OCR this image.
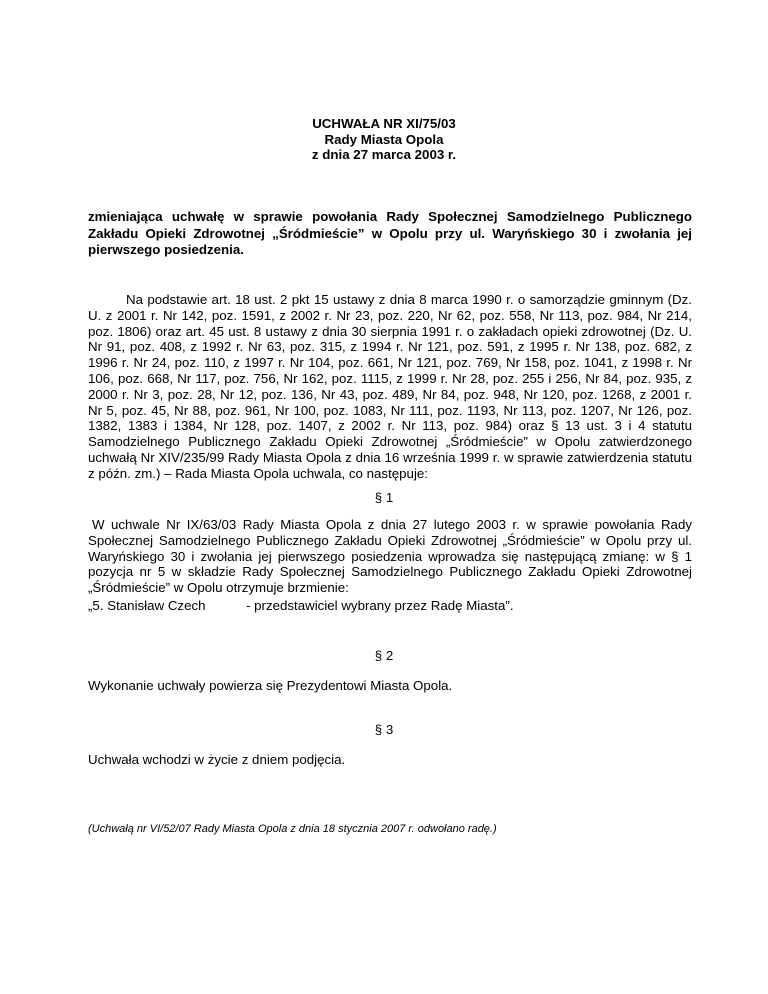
UCHWAŁA NR XI/75/03
Rady Miasta Opola
z dnia 27 marca 2003 r.
zmieniająca uchwałę w sprawie powołania Rady Społecznej Samodzielnego Publicznego Zakładu Opieki Zdrowotnej „Śródmieście” w Opolu przy ul. Waryńskiego 30 i zwołania jej pierwszego posiedzenia.
Na podstawie art. 18 ust. 2 pkt 15 ustawy z dnia 8 marca 1990 r. o samorządzie gminnym (Dz. U. z 2001 r. Nr 142, poz. 1591, z 2002 r. Nr 23, poz. 220, Nr 62, poz. 558, Nr 113, poz. 984, Nr 214, poz. 1806) oraz art. 45 ust. 8 ustawy z dnia 30 sierpnia 1991 r. o zakładach opieki zdrowotnej (Dz. U. Nr 91, poz. 408, z 1992 r. Nr 63, poz. 315, z 1994 r. Nr 121, poz. 591, z 1995 r. Nr 138, poz. 682, z 1996 r. Nr 24, poz. 110, z 1997 r. Nr 104, poz. 661, Nr 121, poz. 769, Nr 158, poz. 1041, z 1998 r. Nr 106, poz. 668, Nr 117, poz. 756, Nr 162, poz. 1115, z 1999 r. Nr 28, poz. 255 i 256, Nr 84, poz. 935, z 2000 r. Nr 3, poz. 28, Nr 12, poz. 136, Nr 43, poz. 489, Nr 84, poz. 948, Nr 120, poz. 1268, z 2001 r. Nr 5, poz. 45, Nr 88, poz. 961, Nr 100, poz. 1083, Nr 111, poz. 1193, Nr 113, poz. 1207, Nr 126, poz. 1382, 1383 i 1384, Nr 128, poz. 1407, z 2002 r. Nr 113, poz. 984) oraz § 13 ust. 3 i 4 statutu Samodzielnego Publicznego Zakładu Opieki Zdrowotnej „Śródmieście” w Opolu zatwierdzonego uchwałą Nr XIV/235/99 Rady Miasta Opola z dnia 16 września 1999 r. w sprawie zatwierdzenia statutu z późn. zm.) – Rada Miasta Opola uchwala, co następuje:
§ 1
W uchwale Nr IX/63/03 Rady Miasta Opola z dnia 27 lutego 2003 r. w sprawie powołania Rady Społecznej Samodzielnego Publicznego Zakładu Opieki Zdrowotnej „Śródmieście” w Opolu przy ul. Waryńskiego 30 i zwołania jej pierwszego posiedzenia wprowadza się następującą zmianę: w § 1 pozycja nr 5 w składzie Rady Społecznej Samodzielnego Publicznego Zakładu Opieki Zdrowotnej „Śródmieście” w Opolu otrzymuje brzmienie:
„5. Stanisław Czech	- przedstawiciel wybrany przez Radę Miasta”.
§ 2
Wykonanie uchwały powierza się Prezydentowi Miasta Opola.
§ 3
Uchwała wchodzi w życie z dniem podjęcia.
(Uchwałą nr VI/52/07 Rady Miasta Opola z dnia 18 stycznia 2007 r. odwołano radę.)
